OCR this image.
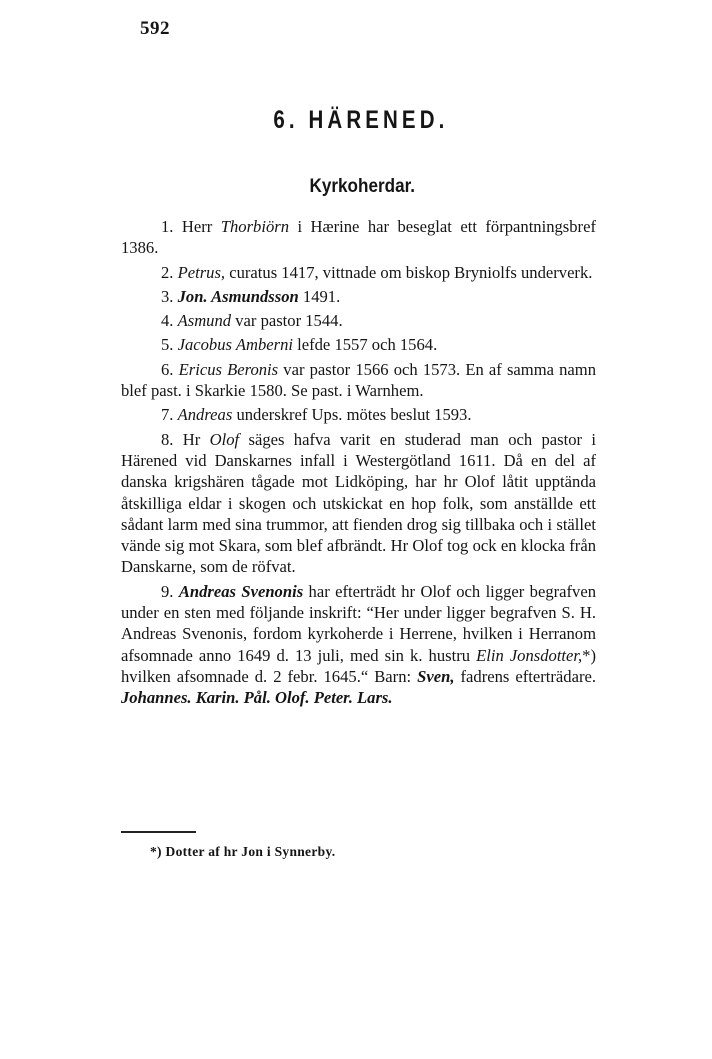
592
6. HÄRENED.
Kyrkoherdar.

1. Herr Thorbiörn i Hærine har beseglat ett förpantningsbref 1386.

2. Petrus, curatus 1417, vittnade om biskop Bryniolfs underverk.

3. Jon. Asmundsson 1491.

4. Asmund var pastor 1544.

5. Jacobus Amberni lefde 1557 och 1564.

6. Ericus Beronis var pastor 1566 och 1573. En af samma namn blef past. i Skarkie 1580. Se past. i Warnhem.

7. Andreas underskref Ups. mötes beslut 1593.

8. Hr Olof säges hafva varit en studerad man och pastor i Härened vid Danskarnes infall i Westergötland 1611. Då en del af danska krigshären tågade mot Lidköping, har hr Olof låtit upptända åtskilliga eldar i skogen och utskickat en hop folk, som anställde ett sådant larm med sina trummor, att fienden drog sig tillbaka och i stället vände sig mot Skara, som blef afbrändt. Hr Olof tog ock en klocka från Danskarne, som de röfvat.

9. Andreas Svenonis har efterträdt hr Olof och ligger begrafven under en sten med följande inskrift: “Her under ligger begrafven S. H. Andreas Svenonis, fordom kyrkoherde i Herrene, hvilken i Herranom afsomnade anno 1649 d. 13 juli, med sin k. hustru Elin Jonsdotter,*) hvilken afsomnade d. 2 febr. 1645.“ Barn: Sven, fadrens efterträdare. Johannes. Karin. Pål. Olof. Peter. Lars.

*) Dotter af hr Jon i Synnerby.
